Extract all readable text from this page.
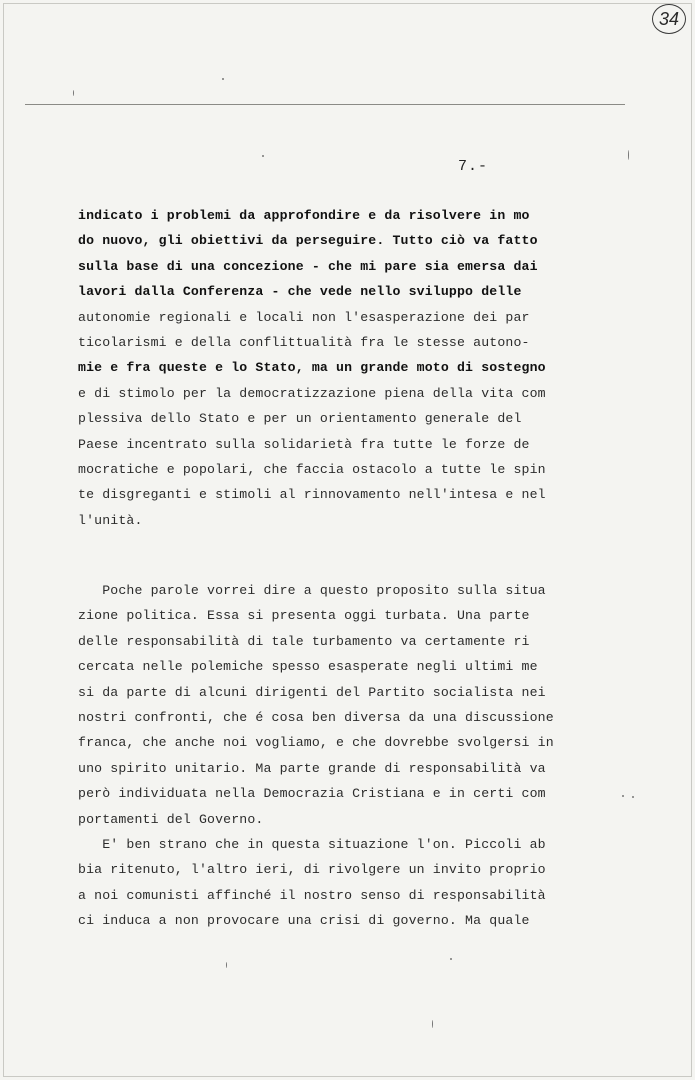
34
7.-
indicato i problemi da approfondire e da risolvere in mo
do nuovo, gli obiettivi da perseguire. Tutto ciò va fatto
sulla base di una concezione - che mi pare sia emersa dai
lavori dalla Conferenza - che vede nello sviluppo delle
autonomie regionali e locali non l'esasperazione dei par
ticolarismi e della conflittualità fra le stesse autono-
mie e fra queste e lo Stato, ma un grande moto di sostegno
e di stimolo per la democratizzazione piena della vita com
plessiva dello Stato e per un orientamento generale del
Paese incentrato sulla solidarietà fra tutte le forze de
mocratiche e popolari, che faccia ostacolo a tutte le spin
te disgreganti e stimoli al rinnovamento nell'intesa e nel
l'unità.
Poche parole vorrei dire a questo proposito sulla situa
zione politica. Essa si presenta oggi turbata. Una parte
delle responsabilità di tale turbamento va certamente ri
cercata nelle polemiche spesso esasperate negli ultimi me
si da parte di alcuni dirigenti del Partito socialista nei
nostri confronti, che é cosa ben diversa da una discussione
franca, che anche noi vogliamo, e che dovrebbe svolgersi in
uno spirito unitario. Ma parte grande di responsabilità va
però individuata nella Democrazia Cristiana e in certi com
portamenti del Governo.
E' ben strano che in questa situazione l'on. Piccoli ab
bia ritenuto, l'altro ieri, di rivolgere un invito proprio
a noi comunisti affinché il nostro senso di responsabilità
ci induca a non provocare una crisi di governo. Ma quale
